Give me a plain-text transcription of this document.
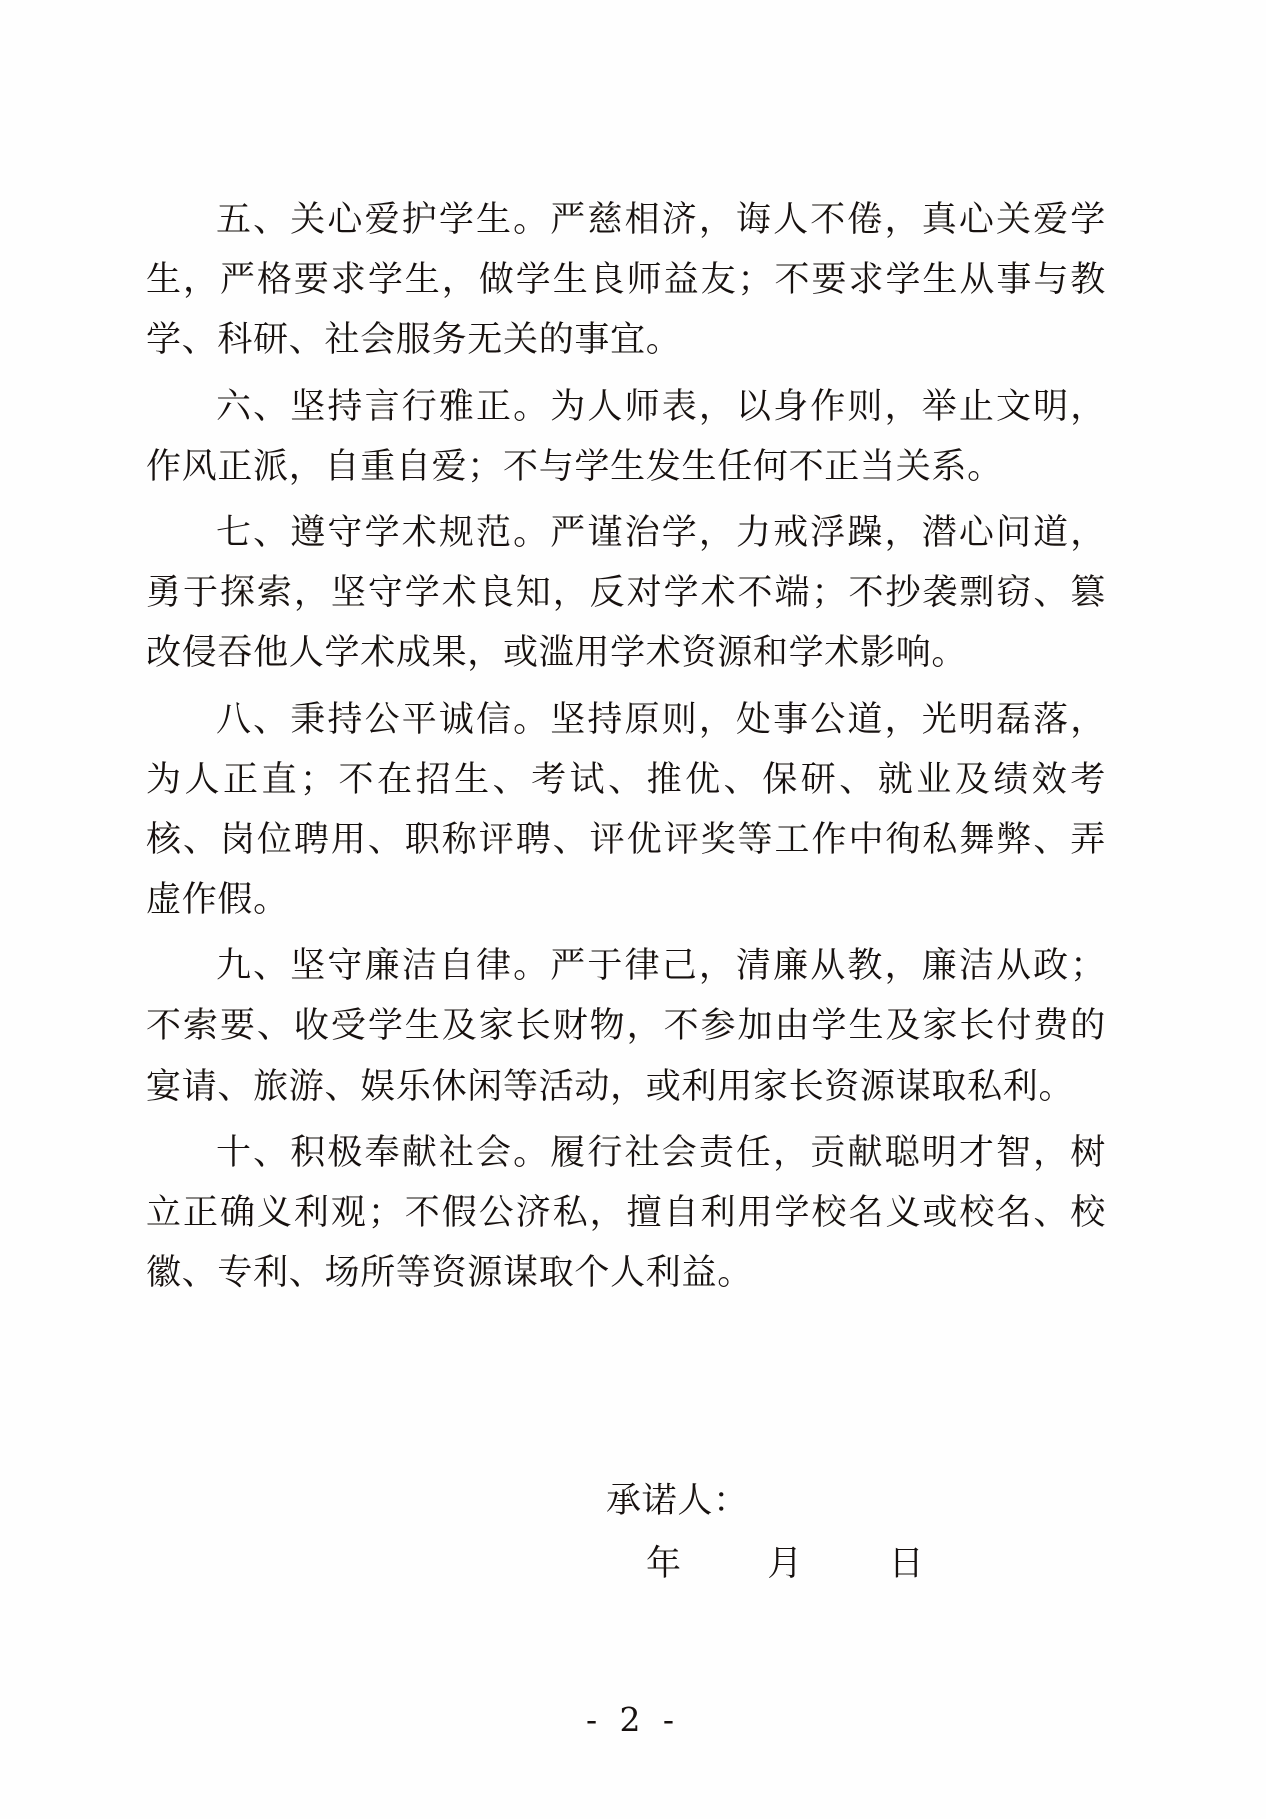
五、关心爱护学生。严慈相济，诲人不倦，真心关爱学生，严格要求学生，做学生良师益友；不要求学生从事与教学、科研、社会服务无关的事宜。

六、坚持言行雅正。为人师表，以身作则，举止文明，作风正派，自重自爱；不与学生发生任何不正当关系。

七、遵守学术规范。严谨治学，力戒浮躁，潜心问道，勇于探索，坚守学术良知，反对学术不端；不抄袭剽窃、篡改侵吞他人学术成果，或滥用学术资源和学术影响。

八、秉持公平诚信。坚持原则，处事公道，光明磊落，为人正直；不在招生、考试、推优、保研、就业及绩效考核、岗位聘用、职称评聘、评优评奖等工作中徇私舞弊、弄虚作假。

九、坚守廉洁自律。严于律己，清廉从教，廉洁从政；不索要、收受学生及家长财物，不参加由学生及家长付费的宴请、旅游、娱乐休闲等活动，或利用家长资源谋取私利。

十、积极奉献社会。履行社会责任，贡献聪明才智，树立正确义利观；不假公济私，擅自利用学校名义或校名、校徽、专利、场所等资源谋取个人利益。

承诺人：
年 月 日
- 2 -
